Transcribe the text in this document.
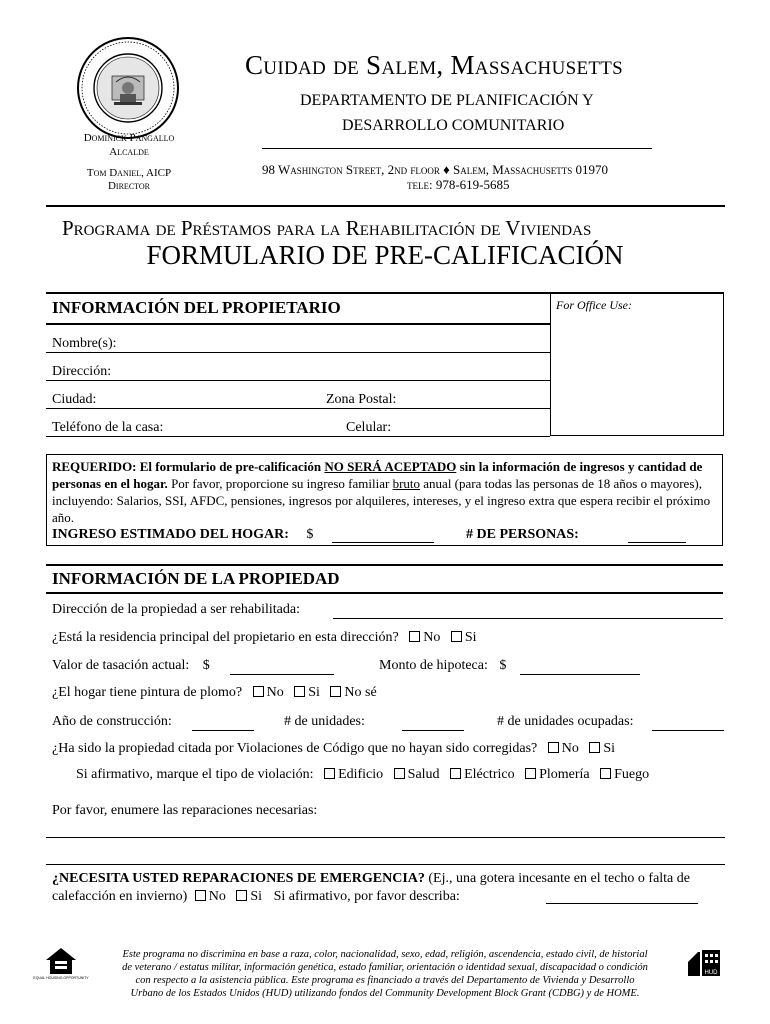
Cuidad de Salem, Massachusetts
DEPARTAMENTO DE PLANIFICACIÓN Y
DESARROLLO COMUNITARIO
Dominick Pangallo
Alcalde
Tom Daniel, AICP
Director
98 Washington Street, 2nd floor ♦ Salem, Massachusetts 01970
tele: 978-619-5685
Programa de Préstamos para la Rehabilitación de Viviendas
FORMULARIO DE PRE-CALIFICACIÓN
INFORMACIÓN DEL PROPIETARIO	For Office Use:
Nombre(s):
Dirección:
Ciudad:	Zona Postal:
Teléfono de la casa:	Celular:
REQUERIDO: El formulario de pre-calificación NO SERÁ ACEPTADO sin la información de ingresos y cantidad de personas en el hogar. Por favor, proporcione su ingreso familiar bruto anual (para todas las personas de 18 años o mayores), incluyendo: Salarios, SSI, AFDC, pensiones, ingresos por alquileres, intereses, y el ingreso extra que espera recibir el próximo año.
INGRESO ESTIMADO DEL HOGAR: $	# DE PERSONAS:
INFORMACIÓN DE LA PROPIEDAD
Dirección de la propiedad a ser rehabilitada:
¿Está la residencia principal del propietario en esta dirección? No Si
Valor de tasación actual: $	Monto de hipoteca: $
¿El hogar tiene pintura de plomo? No Si No sé
Año de construcción:	# de unidades:	# de unidades ocupadas:
¿Ha sido la propiedad citada por Violaciones de Código que no hayan sido corregidas? No Si
Si afirmativo, marque el tipo de violación: Edificio Salud Eléctrico Plomería Fuego
Por favor, enumere las reparaciones necesarias:
¿NECESITA USTED REPARACIONES DE EMERGENCIA? (Ej., una gotera incesante en el techo o falta de calefacción en invierno) No Si Si afirmativo, por favor describa:
EQUAL HOUSING OPPORTUNITY
Este programa no discrimina en base a raza, color, nacionalidad, sexo, edad, religión, ascendencia, estado civil, de historial
de veterano / estatus militar, información genética, estado familiar, orientación o identidad sexual, discapacidad o condición
con respecto a la asistencia pública. Este programa es financiado a través del Departamento de Vivienda y Desarrollo
Urbano de los Estados Unidos (HUD) utilizando fondos del Community Development Block Grant (CDBG) y de HOME.
HUD
